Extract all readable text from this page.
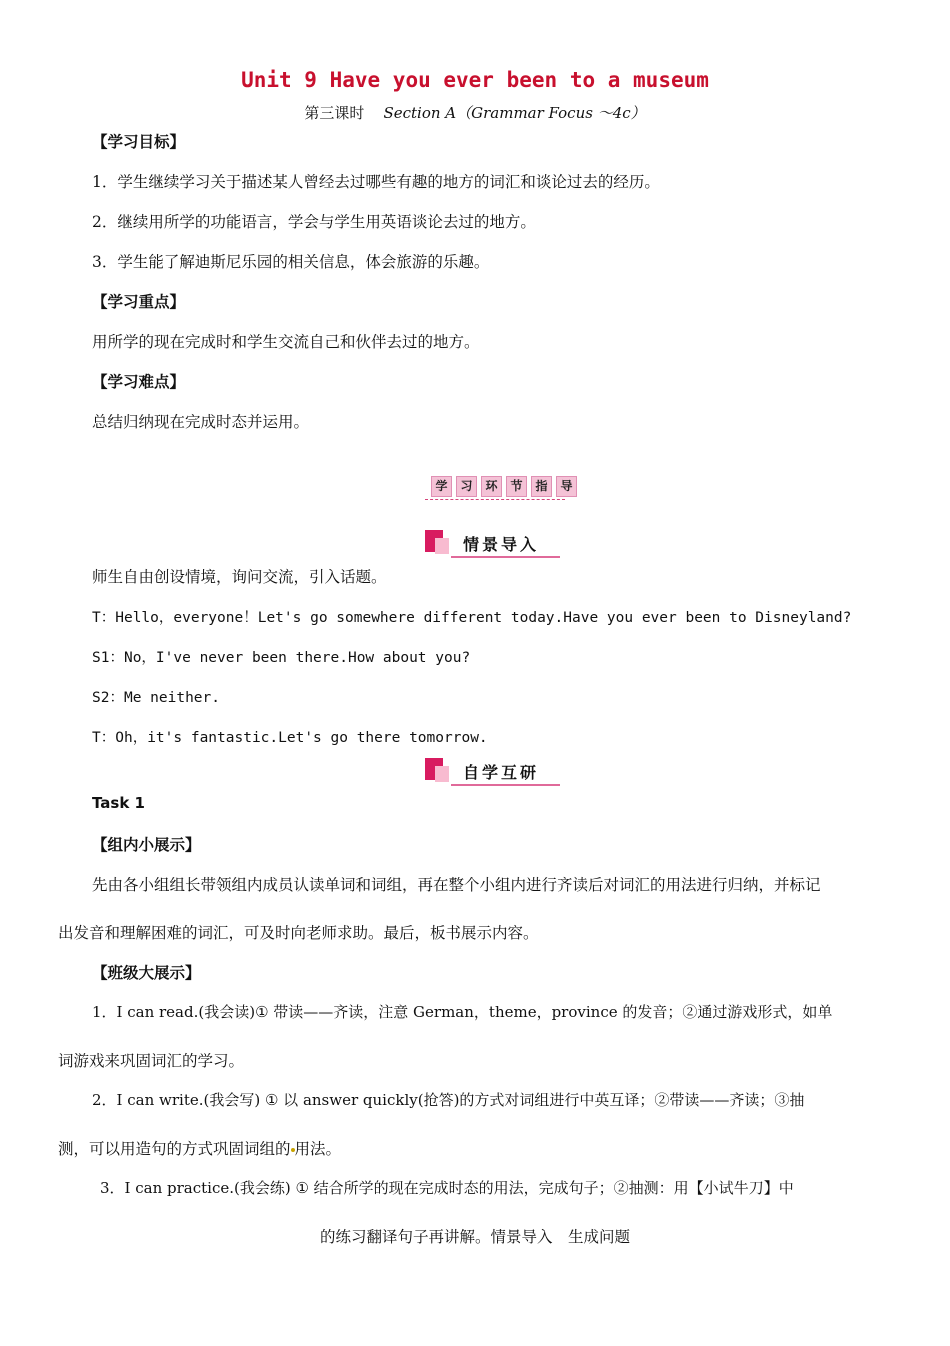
Unit 9 Have you ever been to a museum
第三课时 Section A（Grammar Focus ～4c）
【学习目标】
1．学生继续学习关于描述某人曾经去过哪些有趣的地方的词汇和谈论过去的经历。
2．继续用所学的功能语言，学会与学生用英语谈论去过的地方。
3．学生能了解迪斯尼乐园的相关信息，体会旅游的乐趣。
【学习重点】
用所学的现在完成时和学生交流自己和伙伴去过的地方。
【学习难点】
总结归纳现在完成时态并运用。
学	习	环	节	指	导
情景导入
师生自由创设情境，询问交流，引入话题。
T：Hello，everyone！Let's go somewhere different today.Have you ever been to Disneyland?
S1：No，I've never been there.How about you?
S2：Me neither.
T：Oh，it's fantastic.Let's go there tomorrow.
自学互研
Task 1
【组内小展示】
先由各小组组长带领组内成员认读单词和词组，再在整个小组内进行齐读后对词汇的用法进行归纳，并标记
出发音和理解困难的词汇，可及时向老师求助。最后，板书展示内容。
【班级大展示】
1．I can read.(我会读)① 带读——齐读，注意 German，theme，province 的发音；②通过游戏形式，如单
词游戏来巩固词汇的学习。
2．I can write.(我会写) ① 以 answer quickly(抢答)的方式对词组进行中英互译；②带读——齐读；③抽
测，可以用造句的方式巩固词组的 用法。
3．I can practice.(我会练) ① 结合所学的现在完成时态的用法，完成句子；②抽测：用【小试牛刀】中
的练习翻译句子再讲解。情景导入　生成问题
